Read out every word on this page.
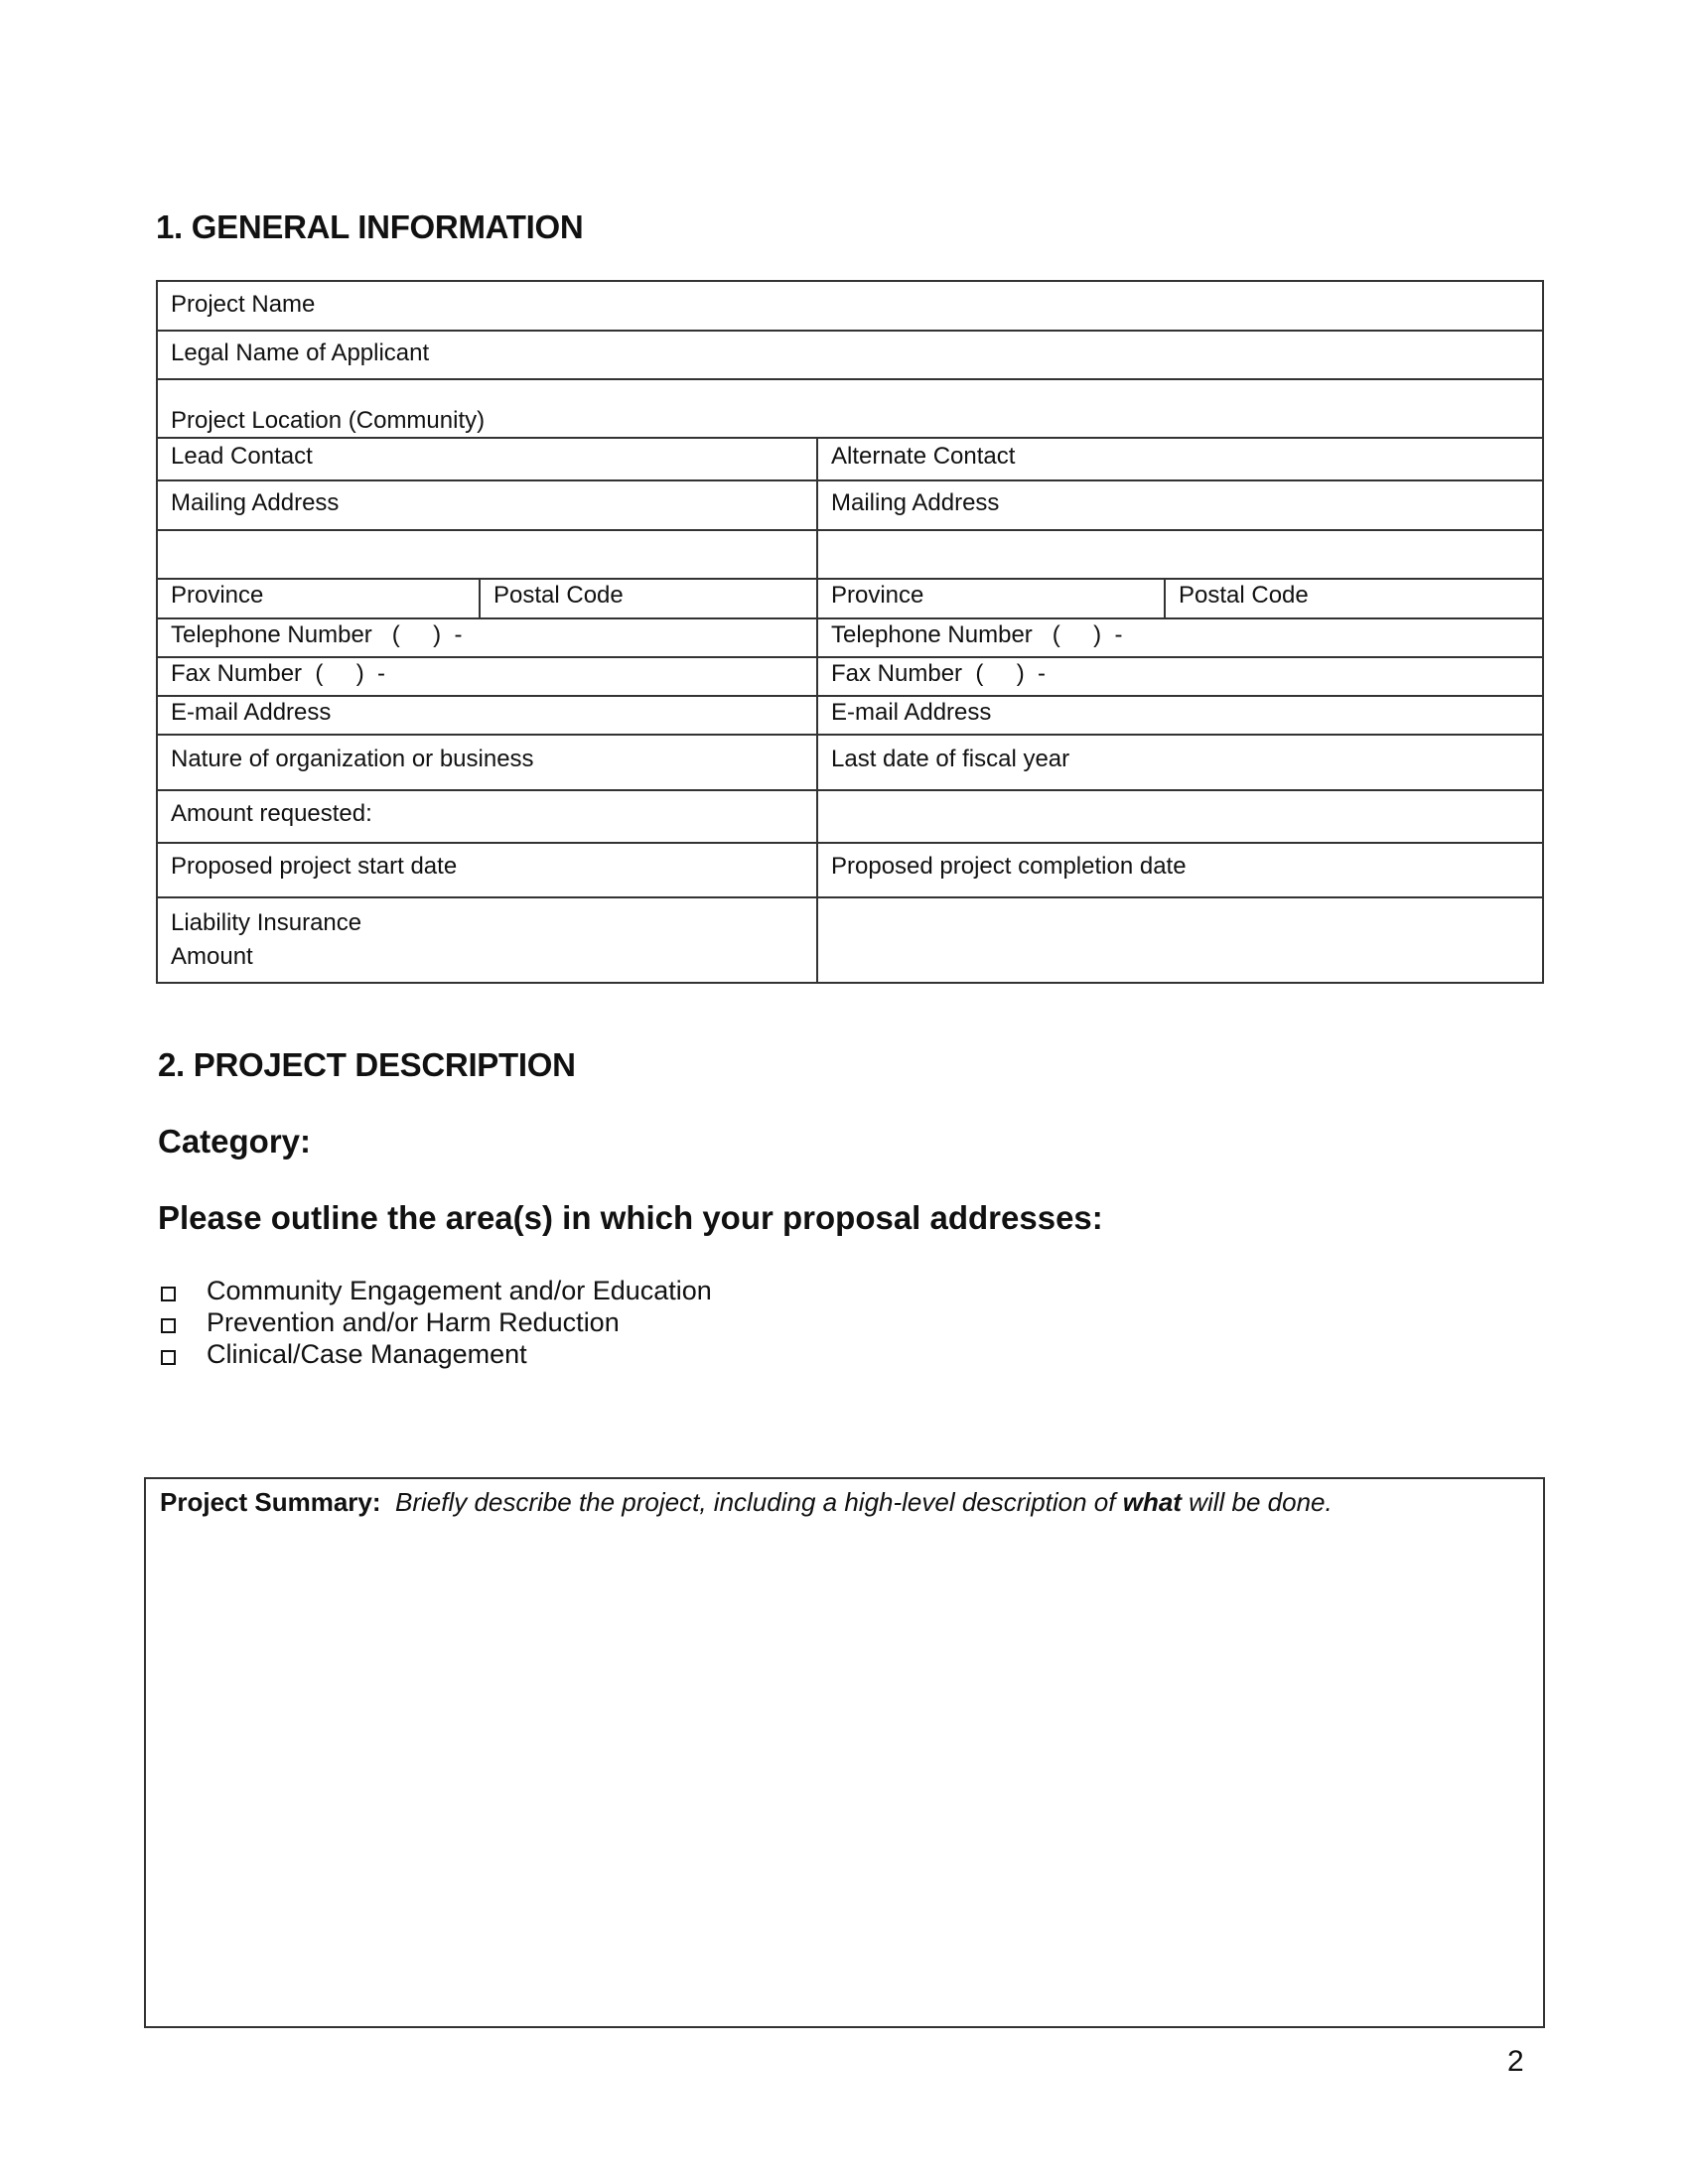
1. GENERAL INFORMATION
Project Name
Legal Name of Applicant
Project Location (Community)
Lead Contact	Alternate Contact
Mailing Address	Mailing Address
Province	Postal Code	Province	Postal Code
Telephone Number   (     )  -	Telephone Number   (     )  -
Fax Number  (     )  -	Fax Number  (     )  -
E-mail Address	E-mail Address
Nature of organization or business	Last date of fiscal year
Amount requested:
Proposed project start date	Proposed project completion date
Liability Insurance
Amount
2. PROJECT DESCRIPTION
Category:
Please outline the area(s) in which your proposal addresses:
Community Engagement and/or Education
Prevention and/or Harm Reduction
Clinical/Case Management
Project Summary: Briefly describe the project, including a high-level description of what will be done.
2
